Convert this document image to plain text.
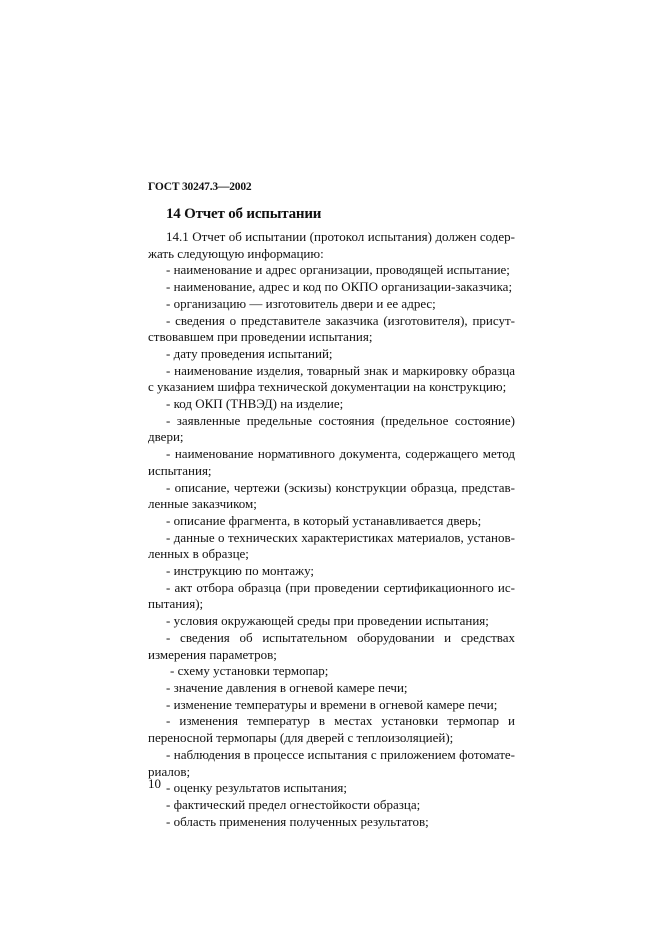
ГОСТ 30247.3—2002
14 Отчет об испытании

14.1 Отчет об испытании (протокол испытания) должен содержать следующую информацию:

- наименование и адрес организации, проводящей испытание;

- наименование, адрес и код по ОКПО организации-заказчика;

- организацию — изготовитель двери и ее адрес;

- сведения о представителе заказчика (изготовителя), присутствовавшем при проведении испытания;

- дату проведения испытаний;

- наименование изделия, товарный знак и маркировку образца с указанием шифра технической документации на конструкцию;

- код ОКП (ТНВЭД) на изделие;

- заявленные предельные состояния (предельное состояние) двери;

- наименование нормативного документа, содержащего метод испытания;

- описание, чертежи (эскизы) конструкции образца, представленные заказчиком;

- описание фрагмента, в который устанавливается дверь;

- данные о технических характеристиках материалов, установленных в образце;

- инструкцию по монтажу;

- акт отбора образца (при проведении сертификационного испытания);

- условия окружающей среды при проведении испытания;

- сведения об испытательном оборудовании и средствах измерения параметров;

- схему установки термопар;

- значение давления в огневой камере печи;

- изменение температуры и времени в огневой камере печи;

- изменения температур в местах установки термопар и переносной термопары (для дверей с теплоизоляцией);

- наблюдения в процессе испытания с приложением фотоматериалов;

- оценку результатов испытания;

- фактический предел огнестойкости образца;

- область применения полученных результатов;

10
